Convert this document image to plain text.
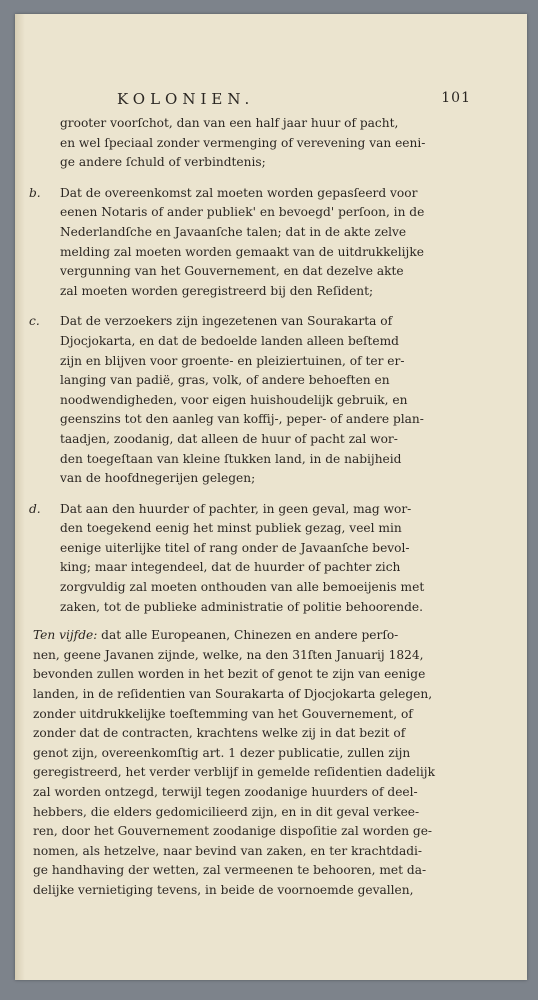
KOLONIEN.	101
grooter voorſchot, dan van een half jaar huur of pacht,
en wel ſpeciaal zonder vermenging of verevening van eeni-
ge andere ſchuld of verbindtenis;
b. Dat de overeenkomst zal moeten worden gepasſeerd voor
eenen Notaris of ander publiek' en bevoegd' perſoon, in de
Nederlandſche en Javaanſche talen; dat in de akte zelve
melding zal moeten worden gemaakt van de uitdrukkelijke
vergunning van het Gouvernement, en dat dezelve akte
zal moeten worden geregistreerd bij den Reſident;
c. Dat de verzoekers zijn ingezetenen van Sourakarta of
Djocjokarta, en dat de bedoelde landen alleen beſtemd
zijn en blijven voor groente- en pleiziertuinen, of ter er-
langing van padië, gras, volk, of andere behoeften en
noodwendigheden, voor eigen huishoudelijk gebruik, en
geenszins tot den aanleg van koffij-, peper- of andere plan-
taadjen, zoodanig, dat alleen de huur of pacht zal wor-
den toegeſtaan van kleine ſtukken land, in de nabijheid
van de hoofdnegerijen gelegen;
d. Dat aan den huurder of pachter, in geen geval, mag wor-
den toegekend eenig het minst publiek gezag, veel min
eenige uiterlijke titel of rang onder de Javaanſche bevol-
king; maar integendeel, dat de huurder of pachter zich
zorgvuldig zal moeten onthouden van alle bemoeijenis met
zaken, tot de publieke administratie of politie behoorende.
Ten vijfde: dat alle Europeanen, Chinezen en andere perſo-
nen, geene Javanen zijnde, welke, na den 31ſten Januarij 1824,
bevonden zullen worden in het bezit of genot te zijn van eenige
landen, in de reſidentien van Sourakarta of Djocjokarta gelegen,
zonder uitdrukkelijke toeſtemming van het Gouvernement, of
zonder dat de contracten, krachtens welke zij in dat bezit of
genot zijn, overeenkomſtig art. 1 dezer publicatie, zullen zijn
geregistreerd, het verder verblijf in gemelde reſidentien dadelijk
zal worden ontzegd, terwijl tegen zoodanige huurders of deel-
hebbers, die elders gedomicilieerd zijn, en in dit geval verkee-
ren, door het Gouvernement zoodanige dispoſitie zal worden ge-
nomen, als hetzelve, naar bevind van zaken, en ter krachtdadi-
ge handhaving der wetten, zal vermeenen te behooren, met da-
delijke vernietiging tevens, in beide de voornoemde gevallen,
